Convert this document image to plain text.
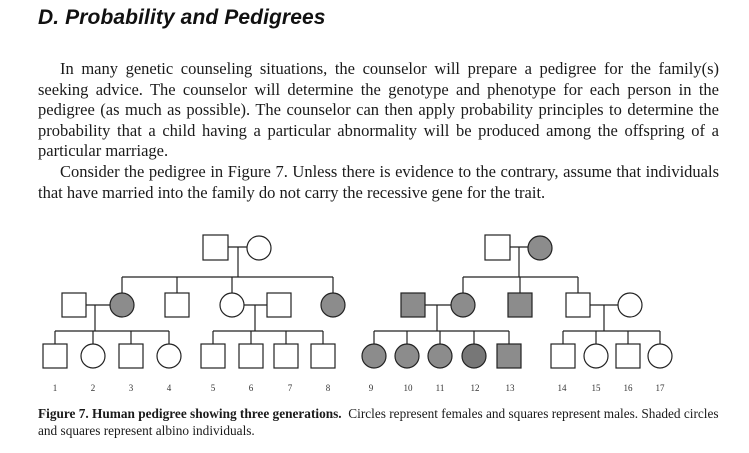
D. Probability and Pedigrees

In many genetic counseling situations, the counselor will prepare a pedigree for the family(s) seeking advice. The counselor will determine the genotype and phenotype for each person in the pedigree (as much as possible). The counselor can then apply probability principles to determine the probability that a child having a particular abnormality will be produced among the offspring of a particular marriage.

Consider the pedigree in Figure 7. Unless there is evidence to the contrary, assume that individuals that have married into the family do not carry the recessive gene for the trait.

1	2	3	4	5	6	7	8	9	10	11	12	13	14	15	16	17

Figure 7. Human pedigree showing three generations. Circles represent females and squares represent males. Shaded circles and squares represent albino individuals.
